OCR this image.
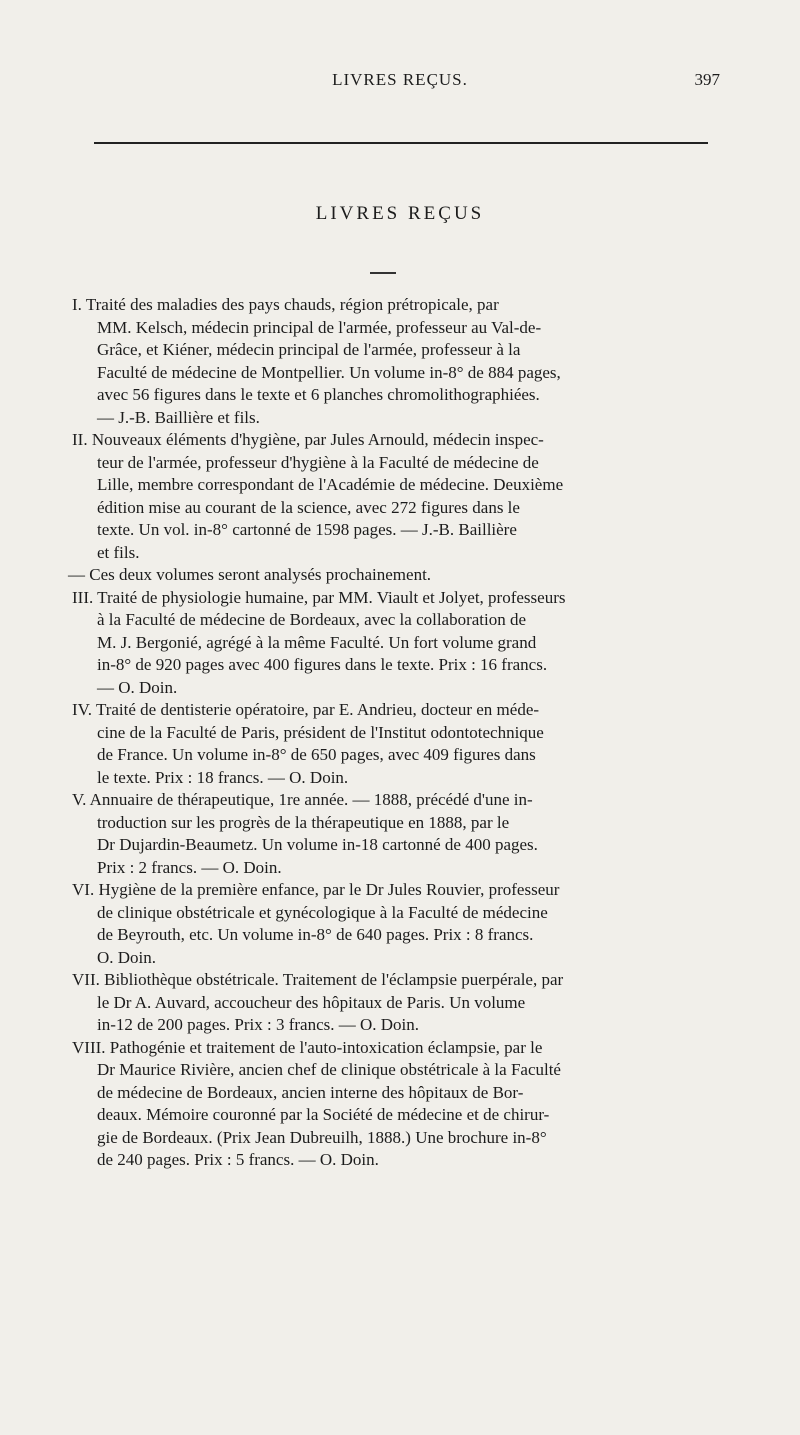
LIVRES REÇUS.	397
LIVRES REÇUS
I. Traité des maladies des pays chauds, région prétropicale, par
MM. Kelsch, médecin principal de l'armée, professeur au Val-de-
Grâce, et Kiéner, médecin principal de l'armée, professeur à la
Faculté de médecine de Montpellier. Un volume in-8° de 884 pages,
avec 56 figures dans le texte et 6 planches chromolithographiées.
— J.-B. Baillière et fils.
II. Nouveaux éléments d'hygiène, par Jules Arnould, médecin inspec-
teur de l'armée, professeur d'hygiène à la Faculté de médecine de
Lille, membre correspondant de l'Académie de médecine. Deuxième
édition mise au courant de la science, avec 272 figures dans le
texte. Un vol. in-8° cartonné de 1598 pages. — J.-B. Baillière
et fils.
— Ces deux volumes seront analysés prochainement.
III. Traité de physiologie humaine, par MM. Viault et Jolyet, professeurs
à la Faculté de médecine de Bordeaux, avec la collaboration de
M. J. Bergonié, agrégé à la même Faculté. Un fort volume grand
in-8° de 920 pages avec 400 figures dans le texte. Prix : 16 francs.
— O. Doin.
IV. Traité de dentisterie opératoire, par E. Andrieu, docteur en méde-
cine de la Faculté de Paris, président de l'Institut odontotechnique
de France. Un volume in-8° de 650 pages, avec 409 figures dans
le texte. Prix : 18 francs. — O. Doin.
V. Annuaire de thérapeutique, 1re année. — 1888, précédé d'une in-
troduction sur les progrès de la thérapeutique en 1888, par le
Dr Dujardin-Beaumetz. Un volume in-18 cartonné de 400 pages.
Prix : 2 francs. — O. Doin.
VI. Hygiène de la première enfance, par le Dr Jules Rouvier, professeur
de clinique obstétricale et gynécologique à la Faculté de médecine
de Beyrouth, etc. Un volume in-8° de 640 pages. Prix : 8 francs.
O. Doin.
VII. Bibliothèque obstétricale. Traitement de l'éclampsie puerpérale, par
le Dr A. Auvard, accoucheur des hôpitaux de Paris. Un volume
in-12 de 200 pages. Prix : 3 francs. — O. Doin.
VIII. Pathogénie et traitement de l'auto-intoxication éclampsie, par le
Dr Maurice Rivière, ancien chef de clinique obstétricale à la Faculté
de médecine de Bordeaux, ancien interne des hôpitaux de Bor-
deaux. Mémoire couronné par la Société de médecine et de chirur-
gie de Bordeaux. (Prix Jean Dubreuilh, 1888.) Une brochure in-8°
de 240 pages. Prix : 5 francs. — O. Doin.
